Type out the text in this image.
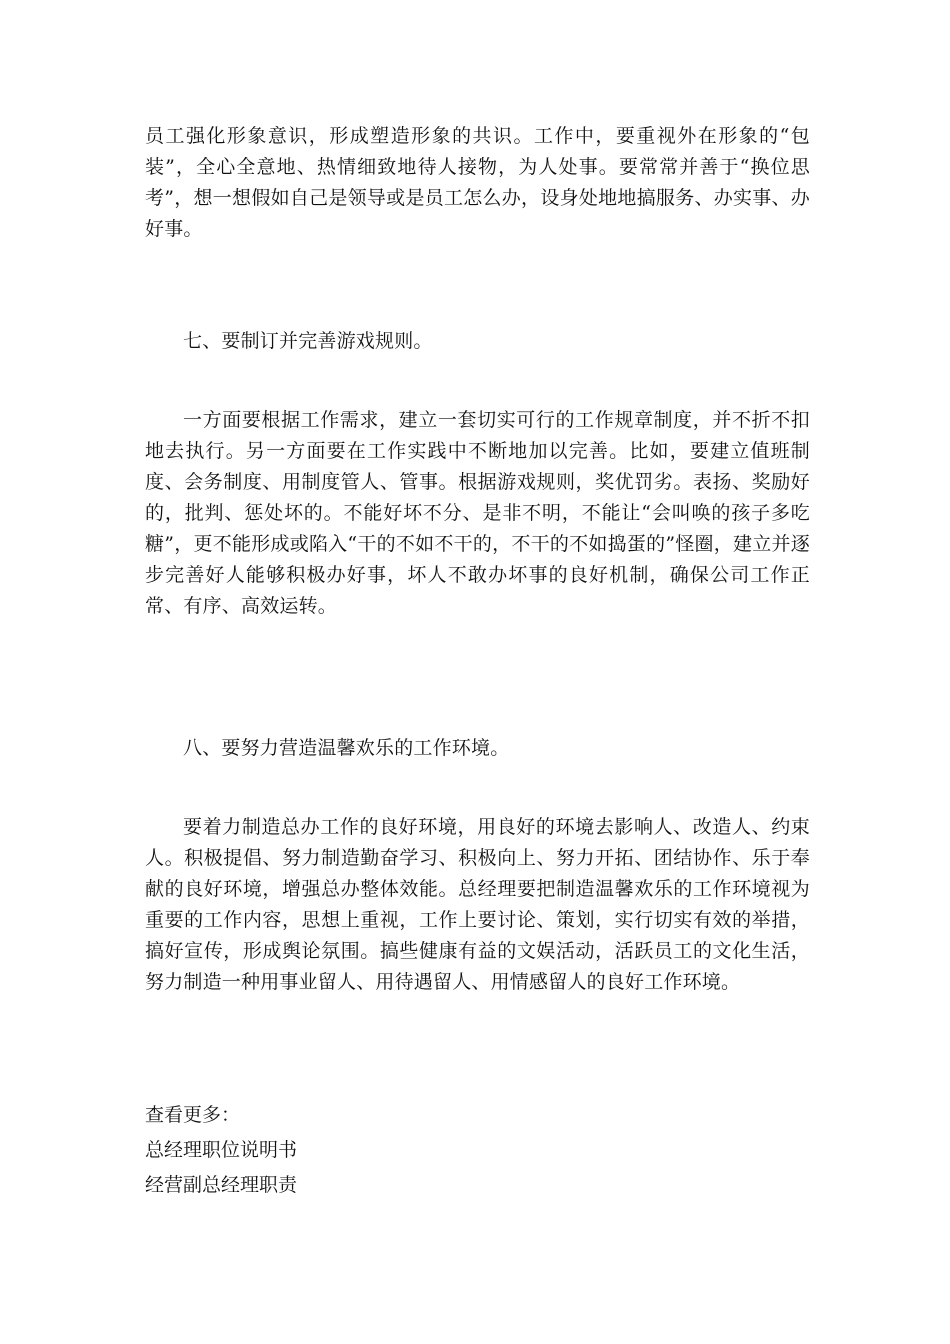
员工强化形象意识，形成塑造形象的共识。工作中，要重视外在形象的“包装”，全心全意地、热情细致地待人接物，为人处事。要常常并善于“换位思考”，想一想假如自己是领导或是员工怎么办，设身处地地搞服务、办实事、办好事。

七、要制订并完善游戏规则。

一方面要根据工作需求，建立一套切实可行的工作规章制度，并不折不扣地去执行。另一方面要在工作实践中不断地加以完善。比如，要建立值班制度、会务制度、用制度管人、管事。根据游戏规则，奖优罚劣。表扬、奖励好的，批判、惩处坏的。不能好坏不分、是非不明，不能让“会叫唤的孩子多吃糖”，更不能形成或陷入“干的不如不干的，不干的不如捣蛋的”怪圈，建立并逐步完善好人能够积极办好事，坏人不敢办坏事的良好机制，确保公司工作正常、有序、高效运转。

八、要努力营造温馨欢乐的工作环境。

要着力制造总办工作的良好环境，用良好的环境去影响人、改造人、约束人。积极提倡、努力制造勤奋学习、积极向上、努力开拓、团结协作、乐于奉献的良好环境，增强总办整体效能。总经理要把制造温馨欢乐的工作环境视为重要的工作内容，思想上重视，工作上要讨论、策划，实行切实有效的举措，搞好宣传，形成舆论氛围。搞些健康有益的文娱活动，活跃员工的文化生活，努力制造一种用事业留人、用待遇留人、用情感留人的良好工作环境。

查看更多：
总经理职位说明书
经营副总经理职责
